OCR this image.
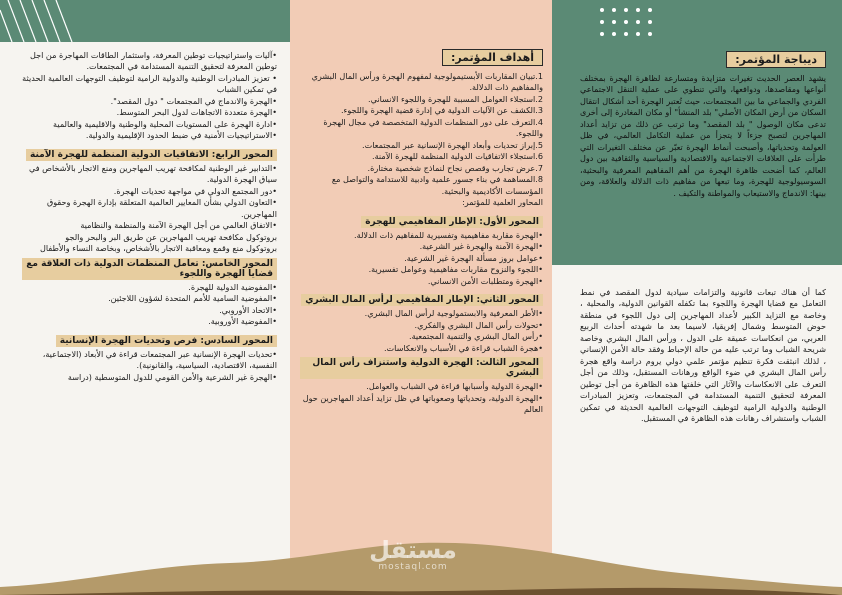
•آليات واستراتيجيات توطين المعرفة، واستثمار الطاقات المهاجرة من اجل توطين المعرفة لتحقيق التنمية المستدامة في المجتمعات.

• تعزيز المبادرات الوطنية والدولية الرامية لتوظيف التوجهات العالمية الحديثة في تمكين الشباب

•الهجرة والاندماج في المجتمعات " دول المقصد".

•الهجرة متعددة الاتجاهات لدول البحر المتوسط.

•ادارة الهجرة على المستويات المحلية والوطنية والاقليمية والعالمية

•الاستراتيجيات الأمنية في ضبط الحدود الإقليمية والدولية.

المحور الرابع: الاتفاقيات الدولية المنظمة للهجرة الآمنة

•التدابير غير الوطنية لمكافحة تهريب المهاجرين ومنع الاتجار بالأشخاص في سياق الهجرة الدولية.

•دور المجتمع الدولي في مواجهة تحديات الهجرة.

•التعاون الدولي بشأن المعايير العالمية المتعلقة بإدارة الهجرة وحقوق المهاجرين.

•الاتفاق العالمي من أجل الهجرة الآمنة والمنظمة والنظامية

بروتوكول مكافحة تهريب المهاجرين عن طريق البر والبحر والجو

بروتوكول منع وقمع ومعاقبة الاتجار بالأشخاص، وبخاصة النساء والأطفال

المحور الخامس: تعامل المنظمات الدولية ذات العلاقة مع قضايا الهجرة واللجوء

•المفوضية الدولية للهجرة.

•المفوضية السامية للأمم المتحدة لشؤون اللاجئين.

•الاتحاد الأوروبي.

•المفوضية الأوروبية.

المحور السادس: فرص وتحديات الهجرة الإنسانية

•تحديات الهجرة الإنسانية عبر المجتمعات قراءة في الأبعاد (الاجتماعية، النفسية، الاقتصادية، السياسية، والقانونية).

•الهجرة غير الشرعية والأمن القومي للدول المتوسطية (دراسة

أهداف المؤتمر:

1.تبيان المقاربات الأبستيمولوجية لمفهوم الهجرة ورأس المال البشري والمفاهيم ذات الدلالة.

2.استجلاء العوامل المسببة للهجرة واللجوء الانساني.

3.الكشف عن الآليات الدولية في إدارة قضية الهجرة واللجوء.

4.التعرف على دور المنظمات الدولية المتخصصة في مجال الهجرة واللجوء.

5.إبراز تحديات وأبعاد الهجرة الإنسانية عبر المجتمعات.

6.استجلاء الاتفاقيات الدولية المنظمة للهجرة الآمنة.

7.عرض تجارب وقصص نجاح لنماذج شخصية مختارة.

8.المساهمة في بناء جسور علمية وادبية للاستدامة والتواصل مع المؤسسات الأكاديمية والبحثية.

المحاور العلمية للمؤتمر:

المحور الأول: الإطار المفاهيمي للهجرة

•الهجرة مقاربة مفاهيمية وتفسيرية للمفاهيم ذات الدلالة.

•الهجرة الآمنة والهجرة غير الشرعية.

•عوامل بروز مسألة الهجرة غير الشرعية.

•اللجوء والنزوح مقاربات مفاهيمية وعوامل تفسيرية.

•الهجرة ومتطلبات الأمن الانساني.

المحور الثاني: الإطار المفاهيمي لرأس المال البشري

•الأطر المعرفية والابستمولوجية لرأس المال البشري.

•تحولات رأس المال البشري والفكري.

•رأس المال البشري والتنمية المجتمعية.

•هجرة الشباب قراءة في الأسباب والانعكاسات.

المحور الثالث: الهجرة الدولية واستنزاف رأس المال البشري

•الهجرة الدولية وأسبابها قراءة في الشباب والعوامل.

•الهجرة الدولية، وتحدياتها وصعوباتها في ظل تزايد أعداد المهاجرين حول العالم

ديباجة المؤتمر:

يشهد العصر الحديث تغيرات متزايدة ومتسارعة لظاهرة الهجرة بمختلف أنواعها ومقاصدها، ودوافعها، والتي تنطوي على عملية التنقل الاجتماعي الفردي والجماعي ما بين المجتمعات، حيث تُعتبر الهجرة أحد أشكال انتقال السكان من أرض المكان الأصلي" بلد المنشأ" أو مكان المغادرة إلى أخرى تدعى مكان الوصول " بلد المقصد" وما ترتب عن ذلك من تزايد أعداد المهاجرين لتصبح جزءاً لا يتجزأ من عملية التكامل العالمي، في ظل العولمة وتحدياتها، وأصبحت أنماط الهجرة تعبّر عن مختلف التغيرات التي طرأت على العلاقات الاجتماعية والاقتصادية والسياسية والثقافية بين دول العالم، كما أضحت ظاهرة الهجرة من أهم المفاهيم المعرفية والبحثية، السوسيولوجية للهجرة، وما تبعها من مفاهيم ذات الدلالة والعلاقة، ومن بينها: الاندماج والاستيعاب والمواطنة والتكيف .

كما أن هناك تبعات قانونية والتزامات سيادية لدول المقصد في نمط التعامل مع قضايا الهجرة واللجوء بما تكفله القوانين الدولية، والمحلية ، وخاصة مع التزايد الكبير لأعداد المهاجرين إلى دول اللجوء في منطقة حوض المتوسط وشمال إفريقيا، لاسيما بعد ما شهدته أحداث الربيع العربي، من انعكاسات عميقة على الدول ، ورأس المال البشري وخاصة شريحة الشباب وما ترتب عليه من حالة الإحباط وفقد حالة الأمن الإنساني ، لذلك انبثقت فكرة تنظيم مؤتمر علمي دولي يروم دراسة واقع هجرة رأس المال البشري في ضوء الواقع ورهانات المستقبل، وذلك من أجل التعرف على الانعكاسات والآثار التي خلفتها هذه الظاهرة من أجل توطين المعرفة لتحقيق التنمية المستدامة في المجتمعات، وتعزيز المبادرات الوطنية والدولية الرامية لتوظيف التوجهات العالمية الحديثة في تمكين الشباب واستشراف رهانات هذه الظاهرة في المستقبل.

مستقل
mostaql.com
